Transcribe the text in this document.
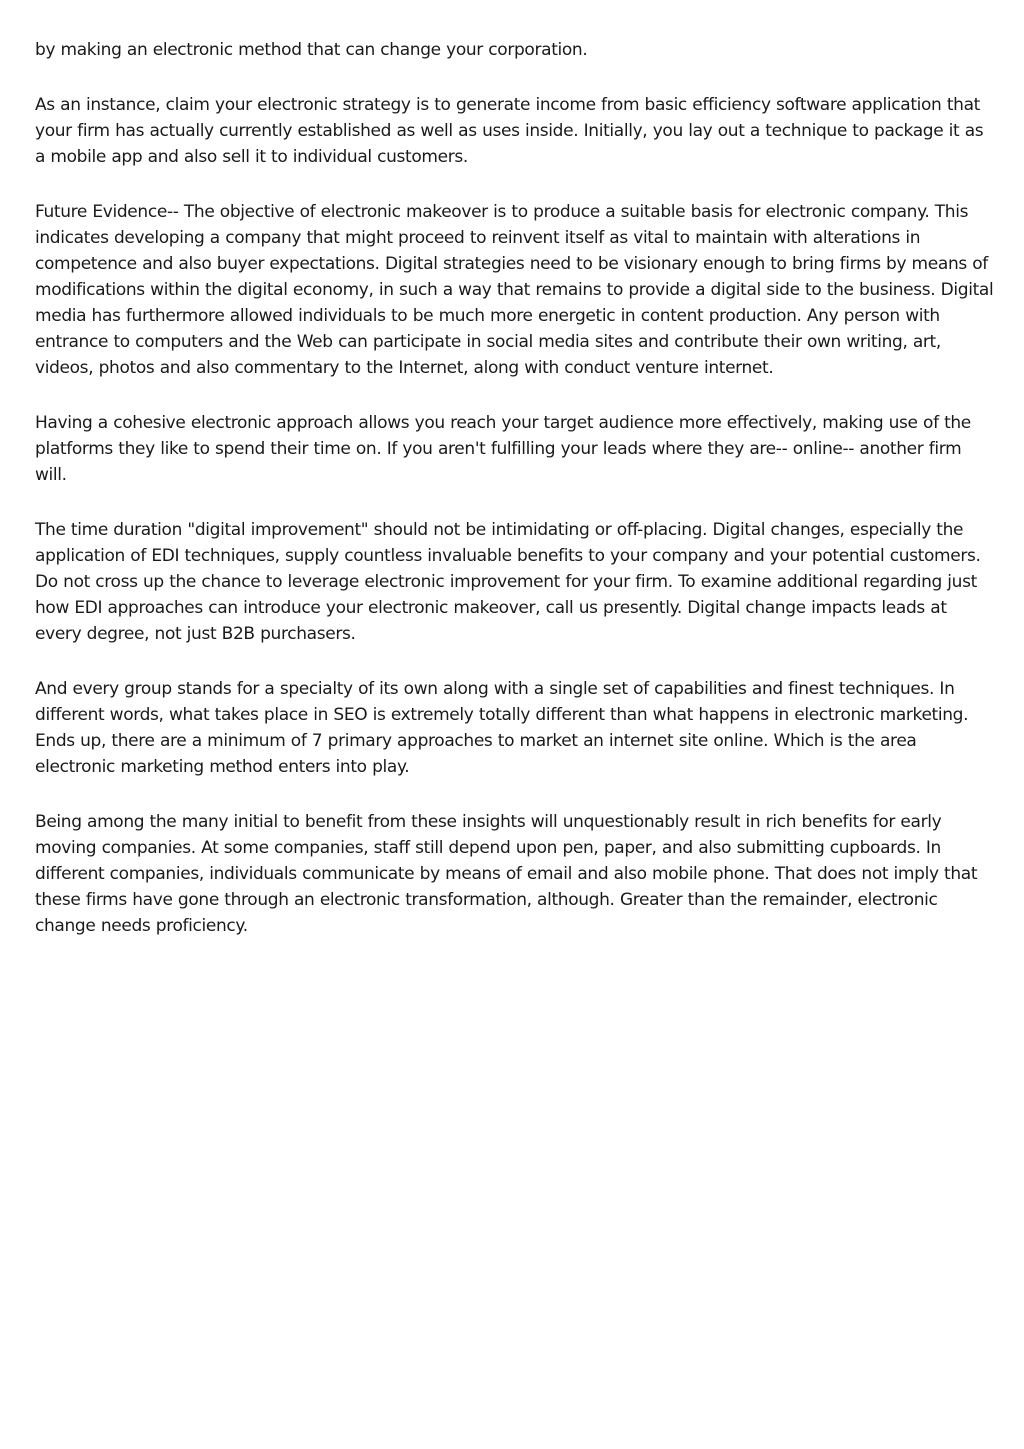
by making an electronic method that can change your corporation.

As an instance, claim your electronic strategy is to generate income from basic efficiency software application that your firm has actually currently established as well as uses inside. Initially, you lay out a technique to package it as a mobile app and also sell it to individual customers.

Future Evidence-- The objective of electronic makeover is to produce a suitable basis for electronic company. This indicates developing a company that might proceed to reinvent itself as vital to maintain with alterations in competence and also buyer expectations. Digital strategies need to be visionary enough to bring firms by means of modifications within the digital economy, in such a way that remains to provide a digital side to the business. Digital media has furthermore allowed individuals to be much more energetic in content production. Any person with entrance to computers and the Web can participate in social media sites and contribute their own writing, art, videos, photos and also commentary to the Internet, along with conduct venture internet.

Having a cohesive electronic approach allows you reach your target audience more effectively, making use of the platforms they like to spend their time on. If you aren't fulfilling your leads where they are-- online-- another firm will.

The time duration "digital improvement" should not be intimidating or off-placing. Digital changes, especially the application of EDI techniques, supply countless invaluable benefits to your company and your potential customers. Do not cross up the chance to leverage electronic improvement for your firm. To examine additional regarding just how EDI approaches can introduce your electronic makeover, call us presently. Digital change impacts leads at every degree, not just B2B purchasers.

And every group stands for a specialty of its own along with a single set of capabilities and finest techniques. In different words, what takes place in SEO is extremely totally different than what happens in electronic marketing. Ends up, there are a minimum of 7 primary approaches to market an internet site online. Which is the area electronic marketing method enters into play.

Being among the many initial to benefit from these insights will unquestionably result in rich benefits for early moving companies. At some companies, staff still depend upon pen, paper, and also submitting cupboards. In different companies, individuals communicate by means of email and also mobile phone. That does not imply that these firms have gone through an electronic transformation, although. Greater than the remainder, electronic change needs proficiency.
